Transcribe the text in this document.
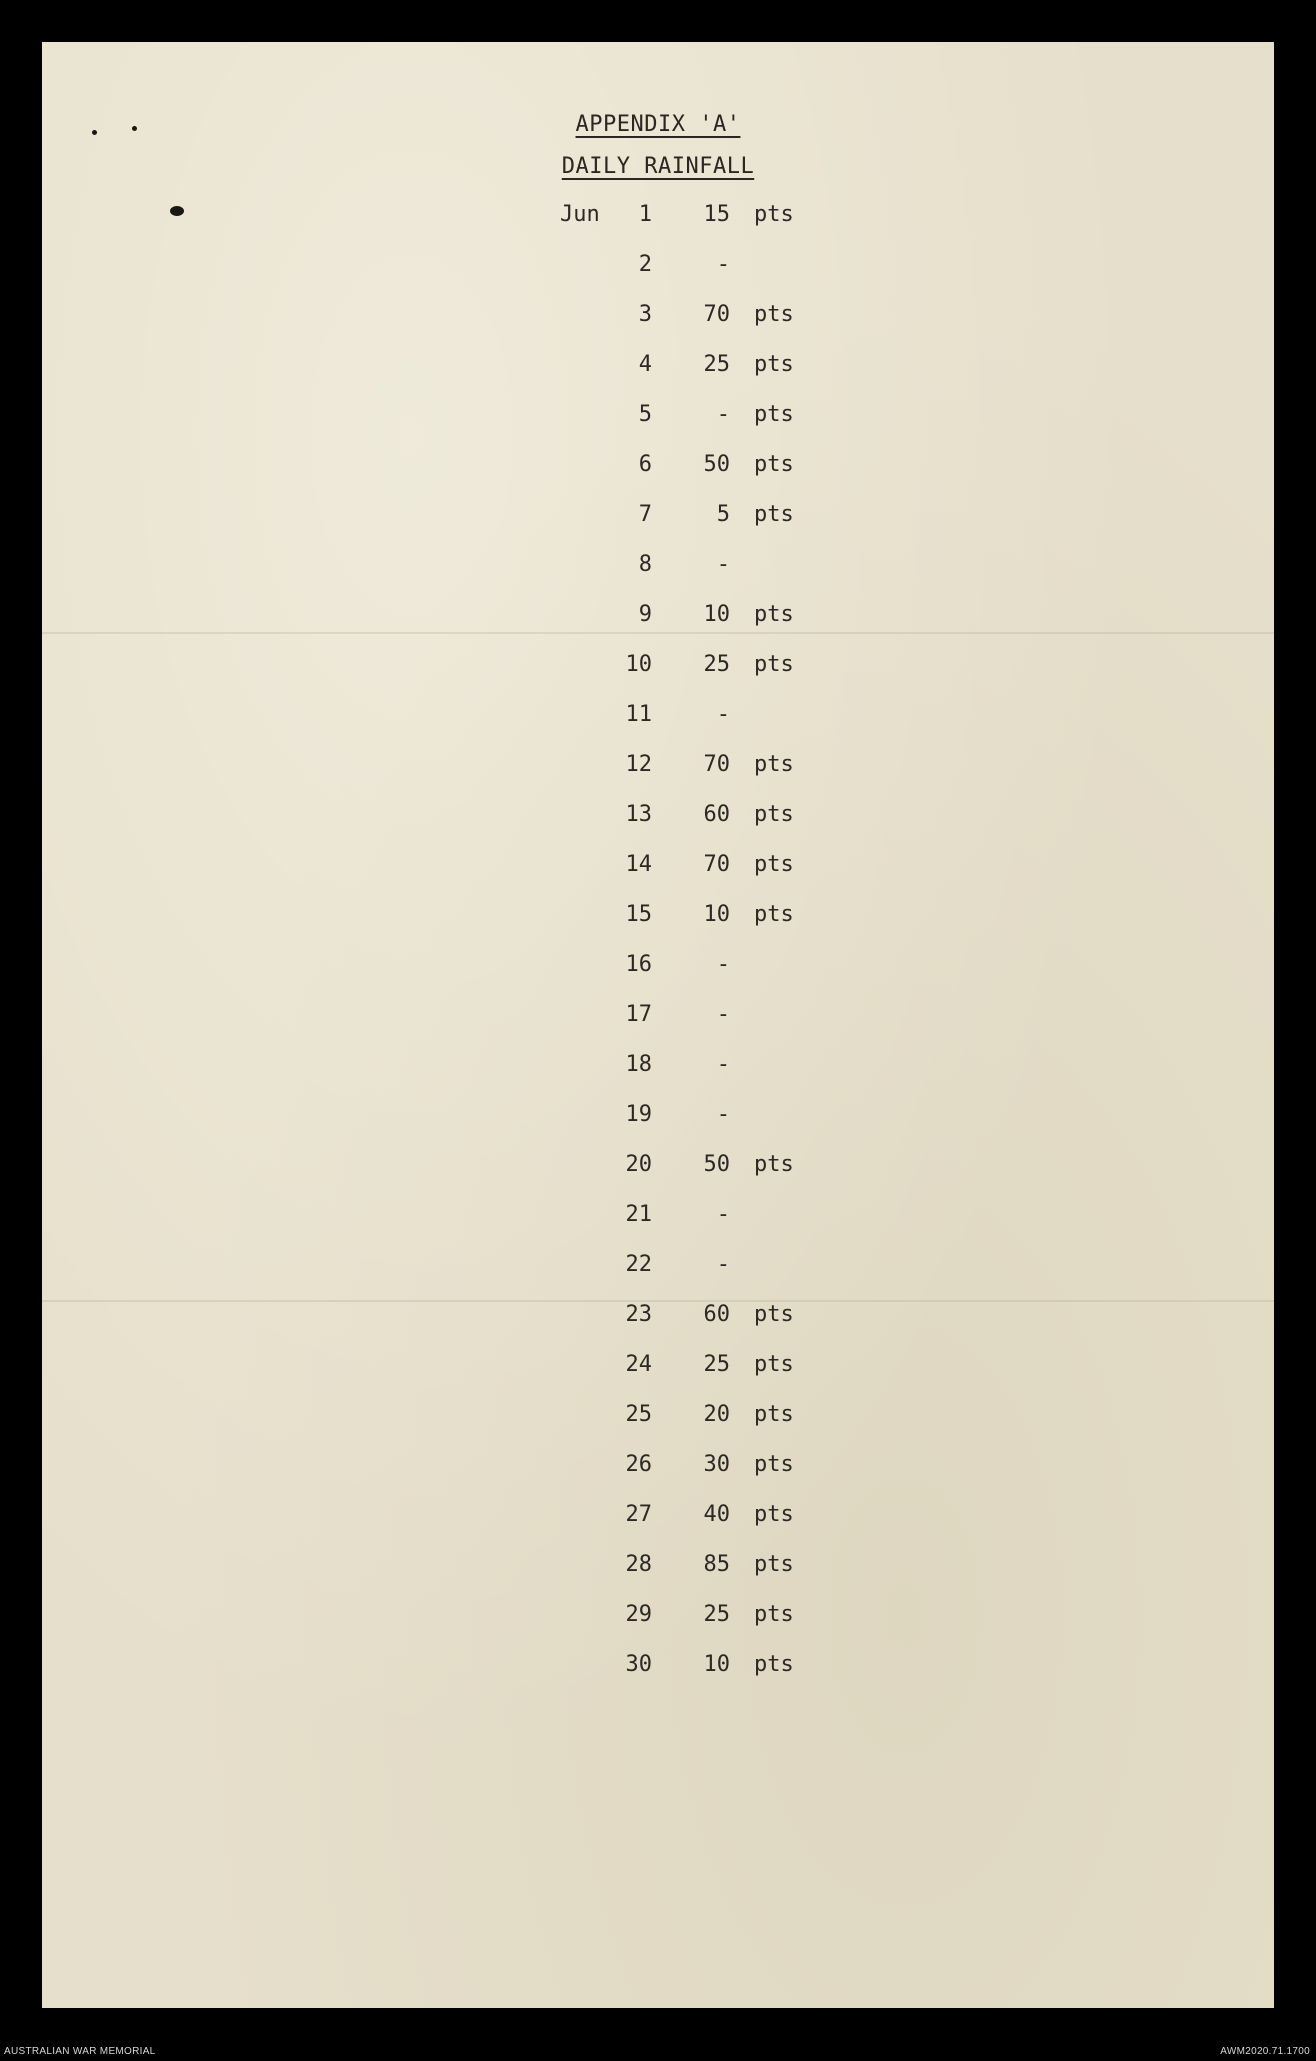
APPENDIX 'A'
DAILY RAINFALL
Jun	1	15 pts
2	-
3	70 pts
4	25 pts
5	- pts
6	50 pts
7	5 pts
8	-
9	10 pts
10	25 pts
11	-
12	70 pts
13	60 pts
14	70 pts
15	10 pts
16	-
17	-
18	-
19	-
20	50 pts
21	-
22	-
23	60 pts
24	25 pts
25	20 pts
26	30 pts
27	40 pts
28	85 pts
29	25 pts
30	10 pts
AUSTRALIAN WAR MEMORIAL	AWM2020.71.1700
